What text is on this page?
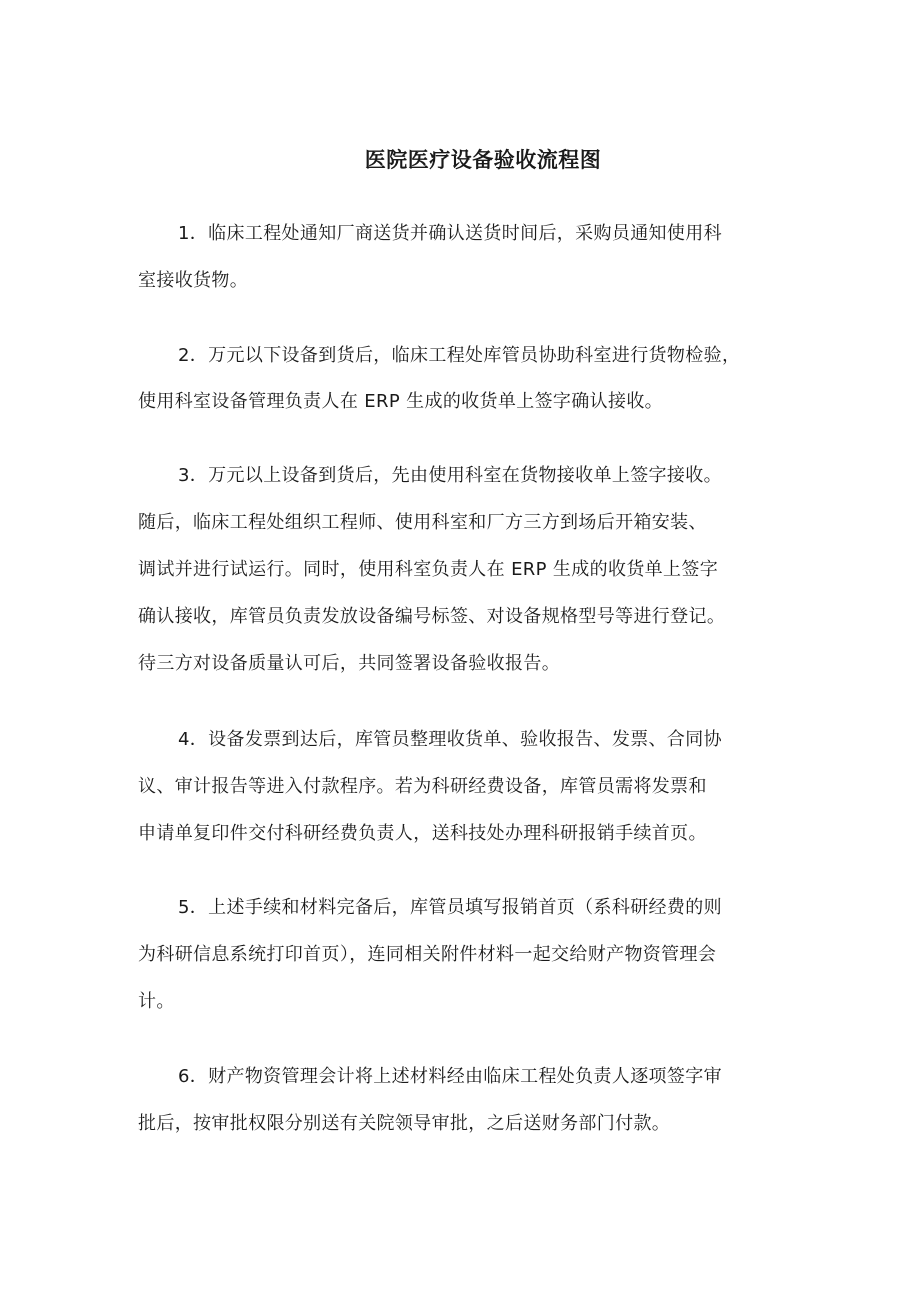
医院医疗设备验收流程图

1．临床工程处通知厂商送货并确认送货时间后，采购员通知使用科

室接收货物。

2．万元以下设备到货后，临床工程处库管员协助科室进行货物检验，

使用科室设备管理负责人在 ERP 生成的收货单上签字确认接收。

3．万元以上设备到货后，先由使用科室在货物接收单上签字接收。

随后，临床工程处组织工程师、使用科室和厂方三方到场后开箱安装、

调试并进行试运行。同时，使用科室负责人在 ERP 生成的收货单上签字

确认接收，库管员负责发放设备编号标签、对设备规格型号等进行登记。

待三方对设备质量认可后，共同签署设备验收报告。

4．设备发票到达后，库管员整理收货单、验收报告、发票、合同协

议、审计报告等进入付款程序。若为科研经费设备，库管员需将发票和

申请单复印件交付科研经费负责人，送科技处办理科研报销手续首页。

5．上述手续和材料完备后，库管员填写报销首页（系科研经费的则

为科研信息系统打印首页），连同相关附件材料一起交给财产物资管理会

计。

6．财产物资管理会计将上述材料经由临床工程处负责人逐项签字审

批后，按审批权限分别送有关院领导审批，之后送财务部门付款。
